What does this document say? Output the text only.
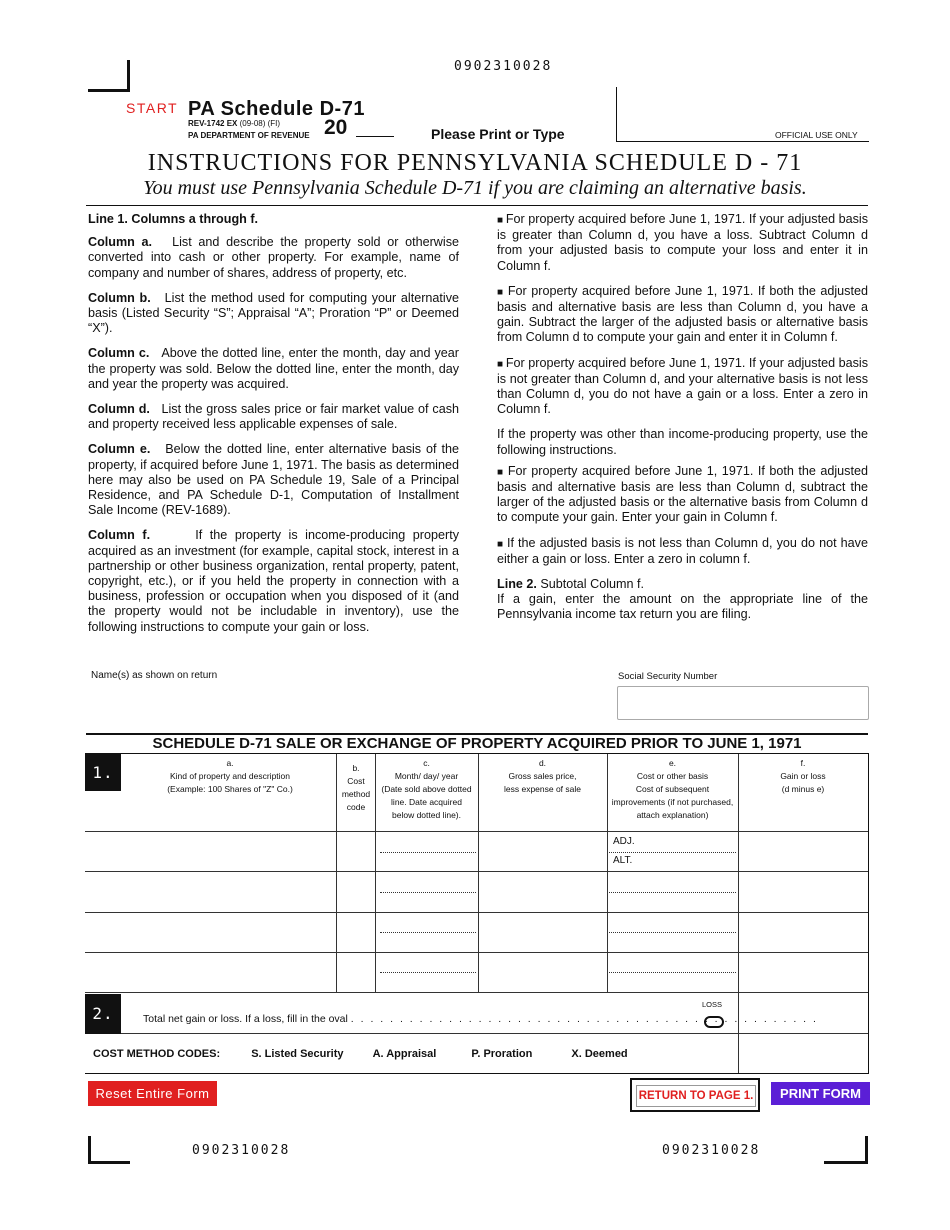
0902310028
0902310028	0902310028
START PA Schedule D-71
REV-1742 EX (09-08) (FI)
PA DEPARTMENT OF REVENUE 20	Please Print or Type	OFFICIAL USE ONLY
INSTRUCTIONS FOR PENNSYLVANIA SCHEDULE D - 71
You must use Pennsylvania Schedule D-71 if you are claiming an alternative basis.

Line 1. Columns a through f.

Column a. List and describe the property sold or otherwise converted into cash or other property. For example, name of company and number of shares, address of property, etc.

Column b. List the method used for computing your alternative basis (Listed Security “S”; Appraisal “A”; Proration “P” or Deemed “X”).

Column c. Above the dotted line, enter the month, day and year the property was sold. Below the dotted line, enter the month, day and year the property was acquired.

Column d. List the gross sales price or fair market value of cash and property received less applicable expenses of sale.

Column e. Below the dotted line, enter alternative basis of the property, if acquired before June 1, 1971. The basis as determined here may also be used on PA Schedule 19, Sale of a Principal Residence, and PA Schedule D-1, Computation of Installment Sale Income (REV-1689).

Column f.	If the property is income-producing property acquired as an investment (for example, capital stock, interest in a partnership or other business organization, rental property, patent, copyright, etc.), or if you held the property in connection with a business, profession or occupation when you disposed of it (and the property would not be includable in inventory), use the following instructions to compute your gain or loss.

■ For property acquired before June 1, 1971. If your adjusted basis is greater than Column d, you have a loss. Subtract Column d from your adjusted basis to compute your loss and enter it in Column f.

■ For property acquired before June 1, 1971. If both the adjusted basis and alternative basis are less than Column d, you have a gain. Subtract the larger of the adjusted basis or alternative basis from Column d to compute your gain and enter it in Column f.

■ For property acquired before June 1, 1971. If your adjusted basis is not greater than Column d, and your alternative basis is not less than Column d, you do not have a gain or a loss. Enter a zero in Column f.

If the property was other than income-producing property, use the following instructions.

■ For property acquired before June 1, 1971. If both the adjusted basis and alternative basis are less than Column d, subtract the larger of the adjusted basis or the alternative basis from Column d to compute your gain. Enter your gain in Column f.

■ If the adjusted basis is not less than Column d, you do not have either a gain or loss. Enter a zero in column f.

Line 2. Subtotal Column f.
If a gain, enter the amount on the appropriate line of the Pennsylvania income tax return you are filing.

Name(s) as shown on return	Social Security Number
SCHEDULE D-71 SALE OR EXCHANGE OF PROPERTY ACQUIRED PRIOR TO JUNE 1, 1971
1.	a.
Kind of property and description
(Example: 100 Shares of "Z" Co.)
b.
Cost
method
code
c.
Month/ day/ year
(Date sold above dotted
line. Date acquired
below dotted line).
d.
Gross sales price,
less expense of sale
e.
Cost or other basis
Cost of subsequent
improvements (if not purchased,
attach explanation)
f.
Gain or loss
(d minus e)
ADJ.
ALT.
2.	Total net gain or loss. If a loss, fill in the oval . . . . . . . . . . . . . . . . . . . . . . . . . . . . . . . . . . . . . . . . . . . . . . . .
LOSS
COST METHOD CODES:	S. Listed Security	A. Appraisal	P. Proration	X. Deemed
Reset Entire Form	RETURN TO PAGE 1.	PRINT FORM
